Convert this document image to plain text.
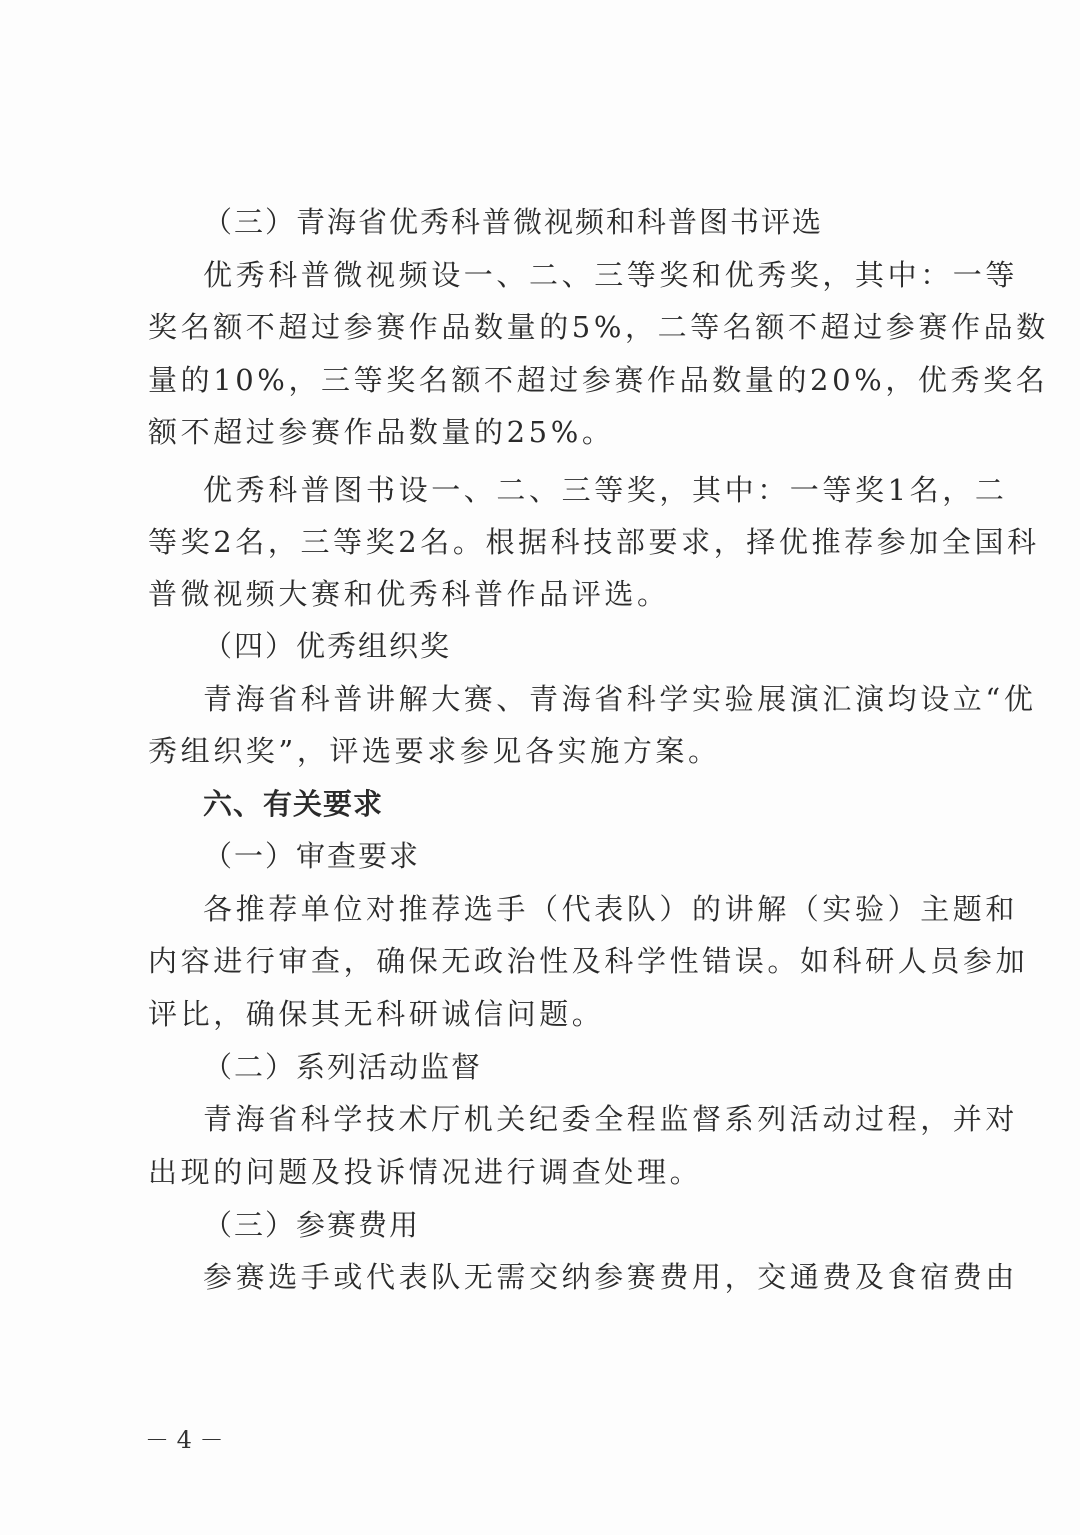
（三）青海省优秀科普微视频和科普图书评选
优秀科普微视频设一、二、三等奖和优秀奖，其中：一等
奖名额不超过参赛作品数量的5%，二等名额不超过参赛作品数
量的10%，三等奖名额不超过参赛作品数量的20%，优秀奖名
额不超过参赛作品数量的25%。
优秀科普图书设一、二、三等奖，其中：一等奖1名，二
等奖2名，三等奖2名。根据科技部要求，择优推荐参加全国科
普微视频大赛和优秀科普作品评选。
（四）优秀组织奖
青海省科普讲解大赛、青海省科学实验展演汇演均设立“优
秀组织奖”，评选要求参见各实施方案。
六、有关要求
（一）审查要求
各推荐单位对推荐选手（代表队）的讲解（实验）主题和
内容进行审查，确保无政治性及科学性错误。如科研人员参加
评比，确保其无科研诚信问题。
（二）系列活动监督
青海省科学技术厅机关纪委全程监督系列活动过程，并对
出现的问题及投诉情况进行调查处理。
（三）参赛费用
参赛选手或代表队无需交纳参赛费用，交通费及食宿费由
－ 4 －
